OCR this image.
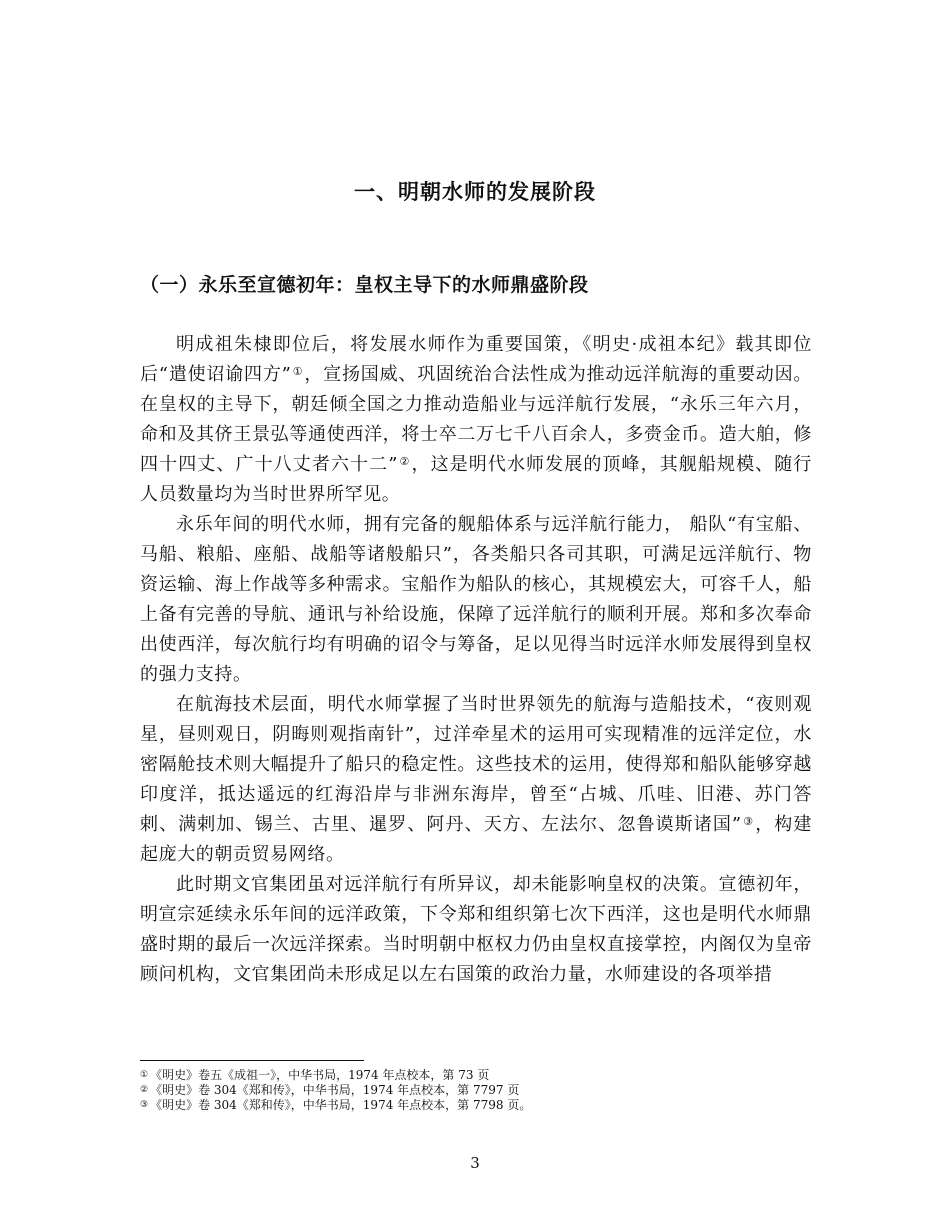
一、明朝水师的发展阶段
（一）永乐至宣德初年：皇权主导下的水师鼎盛阶段

明成祖朱棣即位后，将发展水师作为重要国策，《明史·成祖本纪》载其即位后“遣使诏谕四方”①，宣扬国威、巩固统治合法性成为推动远洋航海的重要动因。在皇权的主导下，朝廷倾全国之力推动造船业与远洋航行发展，“永乐三年六月，命和及其侪王景弘等通使西洋，将士卒二万七千八百余人，多赍金币。造大舶，修四十四丈、广十八丈者六十二”②，这是明代水师发展的顶峰，其舰船规模、随行人员数量均为当时世界所罕见。

永乐年间的明代水师，拥有完备的舰船体系与远洋航行能力， 船队“有宝船、马船、粮船、座船、战船等诸般船只”，各类船只各司其职，可满足远洋航行、物资运输、海上作战等多种需求。宝船作为船队的核心，其规模宏大，可容千人，船上备有完善的导航、通讯与补给设施，保障了远洋航行的顺利开展。郑和多次奉命出使西洋，每次航行均有明确的诏令与筹备，足以见得当时远洋水师发展得到皇权的强力支持。

在航海技术层面，明代水师掌握了当时世界领先的航海与造船技术，“夜则观星，昼则观日，阴晦则观指南针”，过洋牵星术的运用可实现精准的远洋定位，水密隔舱技术则大幅提升了船只的稳定性。这些技术的运用，使得郑和船队能够穿越印度洋，抵达遥远的红海沿岸与非洲东海岸，曾至“占城、爪哇、旧港、苏门答剌、满剌加、锡兰、古里、暹罗、阿丹、天方、左法尔、忽鲁谟斯诸国”③，构建起庞大的朝贡贸易网络。

此时期文官集团虽对远洋航行有所异议，却未能影响皇权的决策。宣德初年，明宣宗延续永乐年间的远洋政策，下令郑和组织第七次下西洋，这也是明代水师鼎盛时期的最后一次远洋探索。当时明朝中枢权力仍由皇权直接掌控，内阁仅为皇帝顾问机构，文官集团尚未形成足以左右国策的政治力量，水师建设的各项举措

① 《明史》卷五《成祖一》，中华书局，1974 年点校本，第 73 页
② 《明史》卷 304《郑和传》，中华书局，1974 年点校本，第 7797 页
③ 《明史》卷 304《郑和传》，中华书局，1974 年点校本，第 7798 页。
3
